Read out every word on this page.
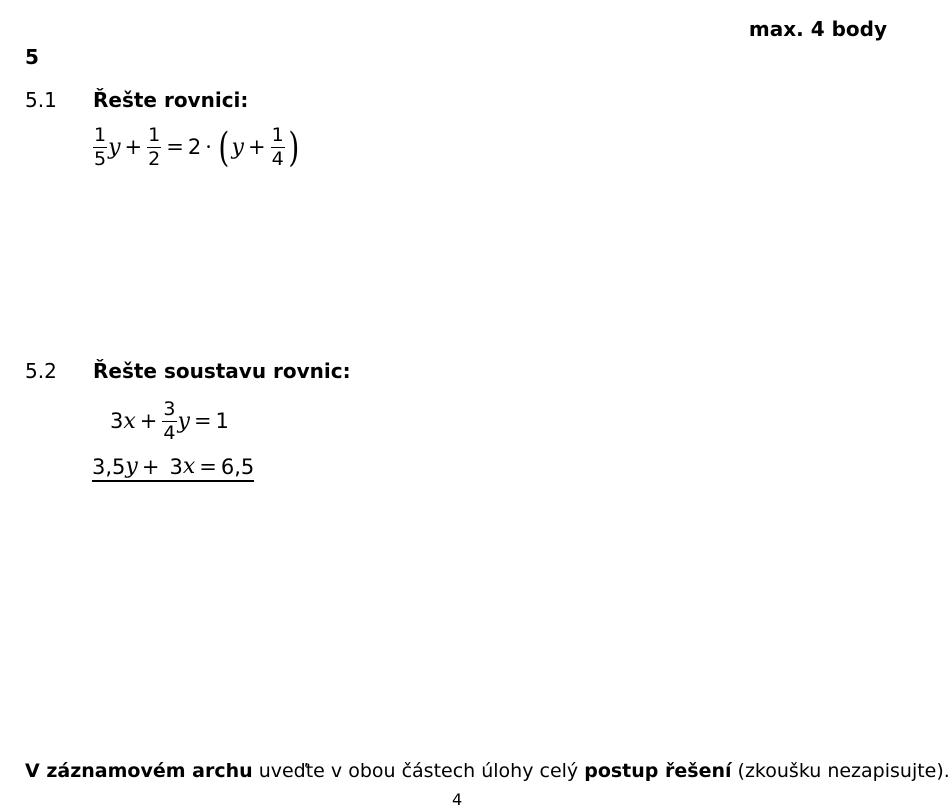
max. 4 body
5
5.1 Řešte rovnici:
$\frac{1}{5}$ $y + \frac{1}{2} = 2$ · ( $y + \frac{1}{4}$ )
5.2 Řešte soustavu rovnic:
3 $x + \frac{3}{4}$ y = 1
3,5 y + 3 x = 6,5
V záznamovém archu uveďte v obou částech úlohy celý postup řešení (zkoušku nezapisujte).
4
